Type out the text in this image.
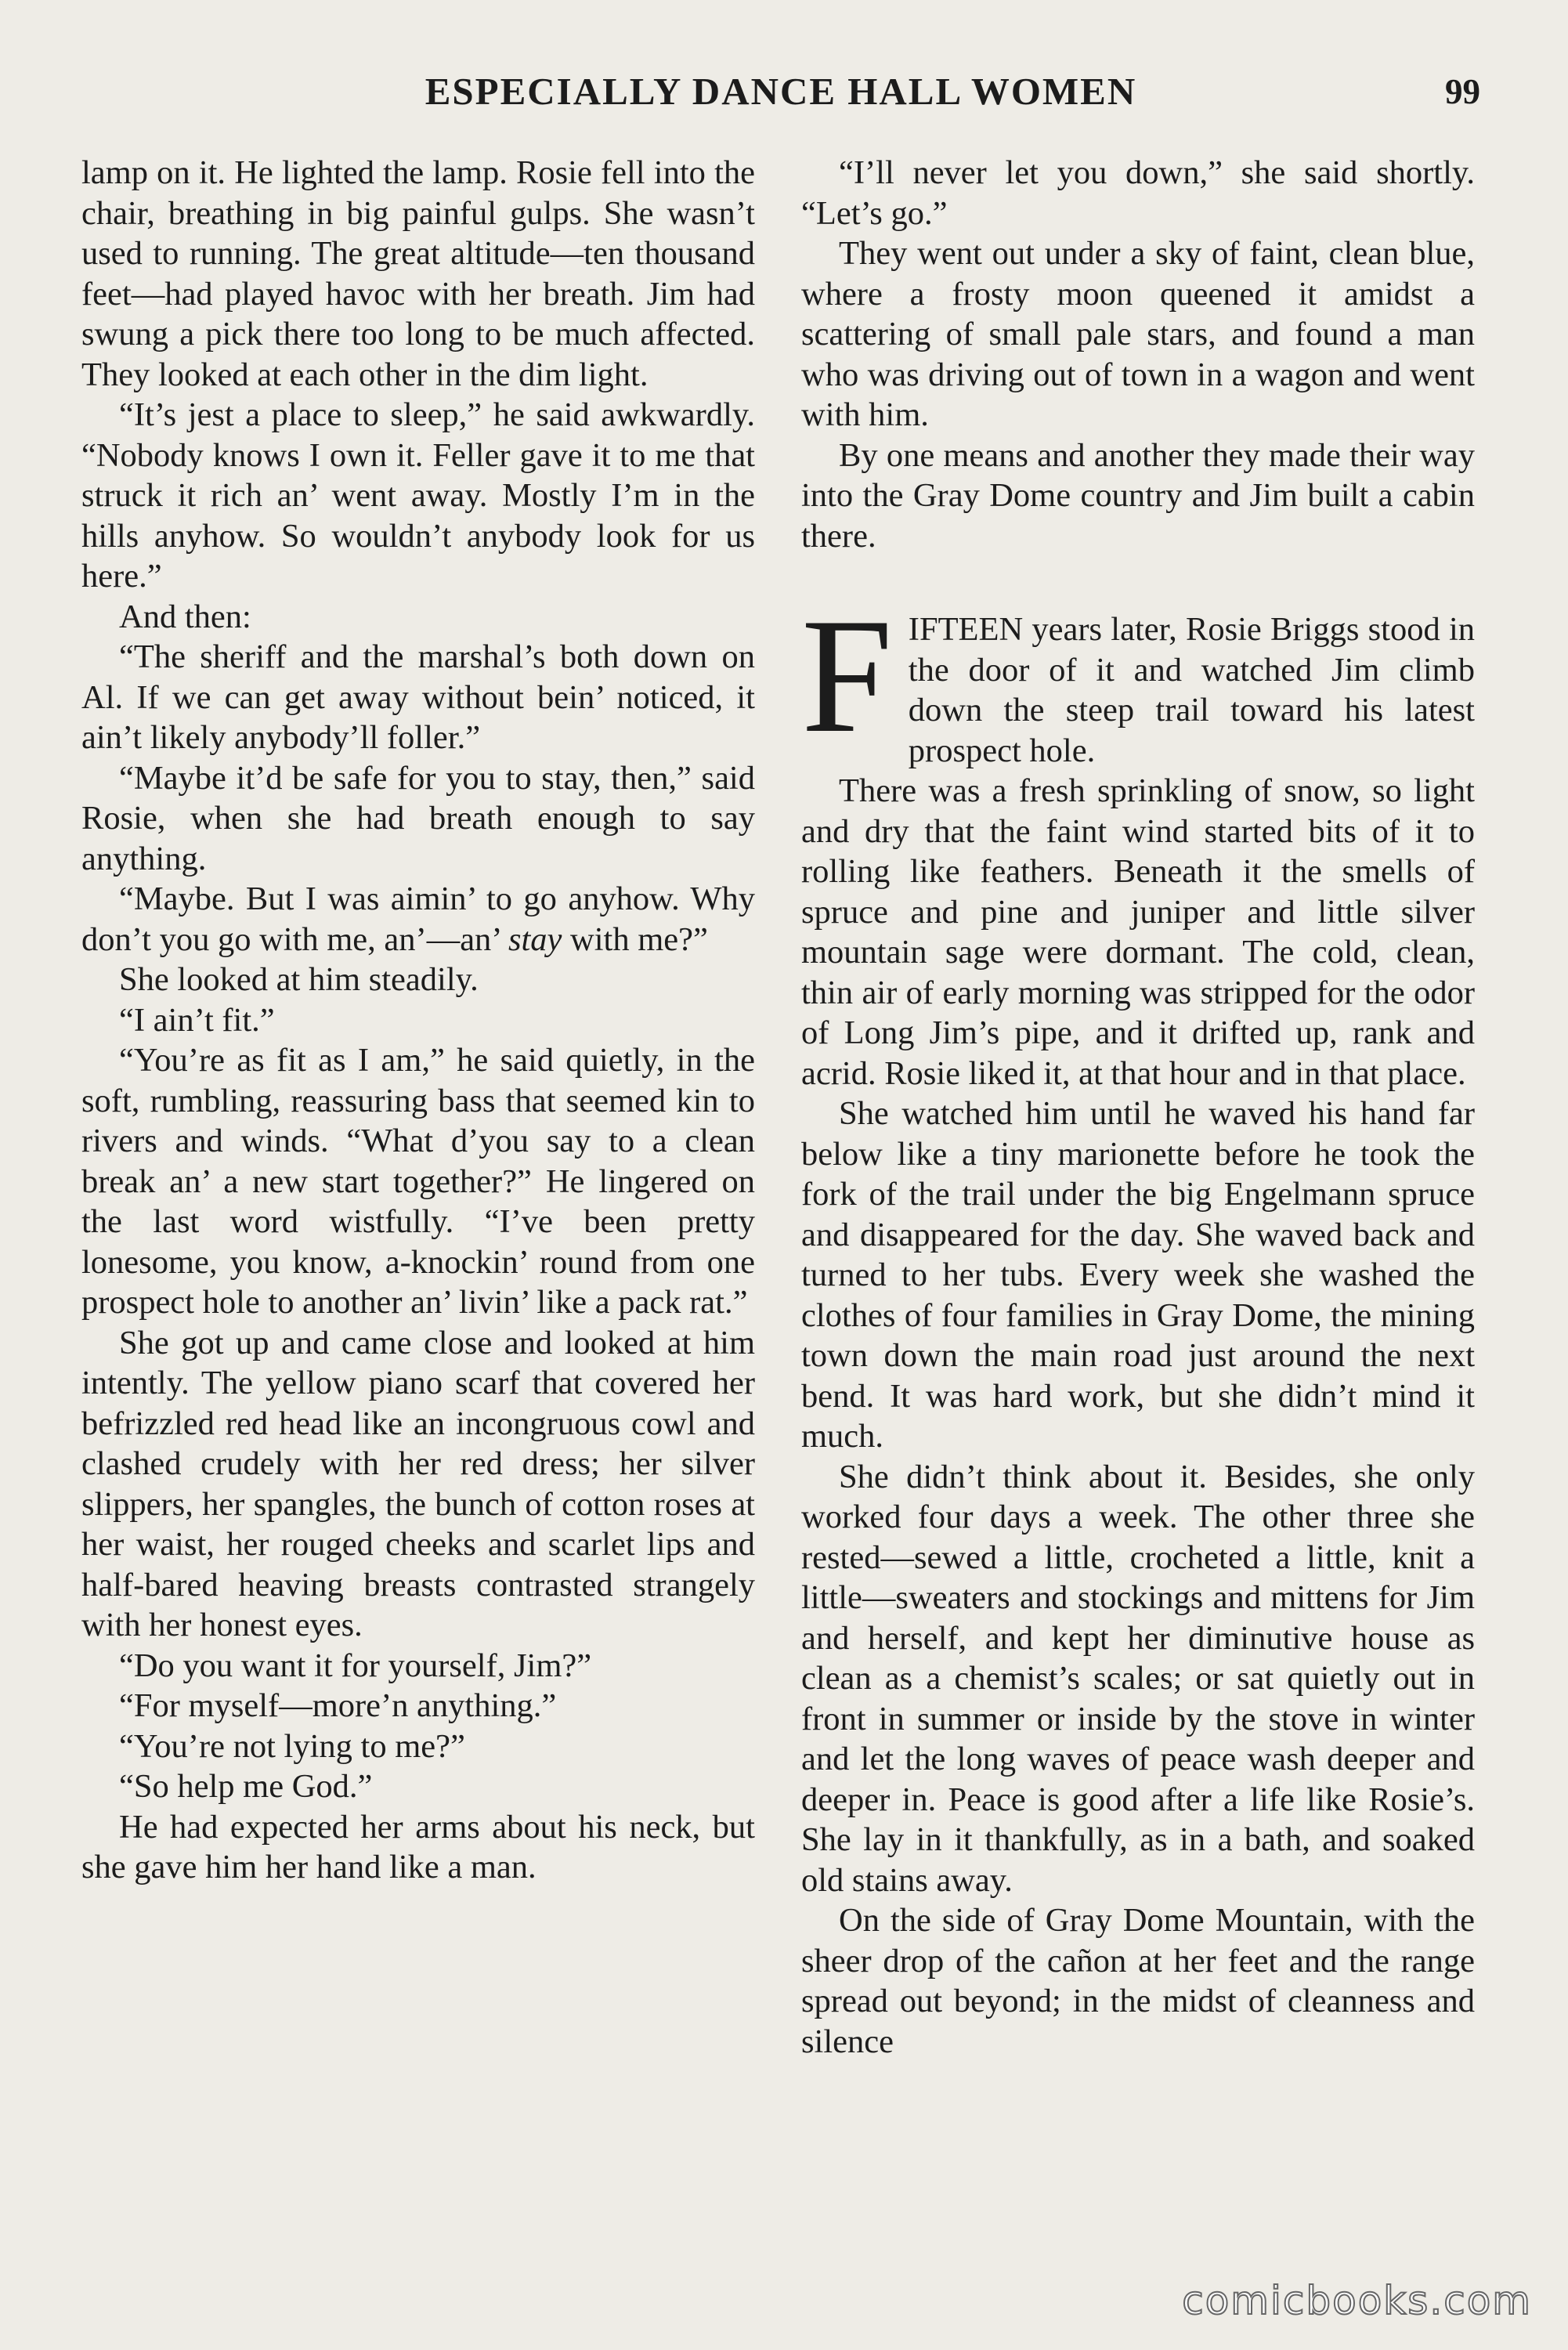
ESPECIALLY DANCE HALL WOMEN	99

lamp on it. He lighted the lamp. Rosie fell into the chair, breathing in big painful gulps. She wasn’t used to running. The great altitude—ten thousand feet—had played havoc with her breath. Jim had swung a pick there too long to be much affected. They looked at each other in the dim light.

“It’s jest a place to sleep,” he said awkwardly. “Nobody knows I own it. Feller gave it to me that struck it rich an’ went away. Mostly I’m in the hills anyhow. So wouldn’t anybody look for us here.”

And then:

“The sheriff and the marshal’s both down on Al. If we can get away without bein’ noticed, it ain’t likely anybody’ll foller.”

“Maybe it’d be safe for you to stay, then,” said Rosie, when she had breath enough to say anything.

“Maybe. But I was aimin’ to go anyhow. Why don’t you go with me, an’—an’ stay with me?”

She looked at him steadily.

“I ain’t fit.”

“You’re as fit as I am,” he said quietly, in the soft, rumbling, reassuring bass that seemed kin to rivers and winds. “What d’you say to a clean break an’ a new start together?” He lingered on the last word wistfully. “I’ve been pretty lonesome, you know, a-knockin’ round from one prospect hole to another an’ livin’ like a pack rat.”

She got up and came close and looked at him intently. The yellow piano scarf that covered her befrizzled red head like an incongruous cowl and clashed crudely with her red dress; her silver slippers, her spangles, the bunch of cotton roses at her waist, her rouged cheeks and scarlet lips and half-bared heaving breasts contrasted strangely with her honest eyes.

“Do you want it for yourself, Jim?”

“For myself—more’n anything.”

“You’re not lying to me?”

“So help me God.”

He had expected her arms about his neck, but she gave him her hand like a man.

“I’ll never let you down,” she said shortly. “Let’s go.”

They went out under a sky of faint, clean blue, where a frosty moon queened it amidst a scattering of small pale stars, and found a man who was driving out of town in a wagon and went with him.

By one means and another they made their way into the Gray Dome country and Jim built a cabin there.

FIFTEEN years later, Rosie Briggs stood in the door of it and watched Jim climb down the steep trail toward his latest prospect hole.

There was a fresh sprinkling of snow, so light and dry that the faint wind started bits of it to rolling like feathers. Beneath it the smells of spruce and pine and juniper and little silver mountain sage were dormant. The cold, clean, thin air of early morning was stripped for the odor of Long Jim’s pipe, and it drifted up, rank and acrid. Rosie liked it, at that hour and in that place.

She watched him until he waved his hand far below like a tiny marionette before he took the fork of the trail under the big Engelmann spruce and disappeared for the day. She waved back and turned to her tubs. Every week she washed the clothes of four families in Gray Dome, the mining town down the main road just around the next bend. It was hard work, but she didn’t mind it much.

She didn’t think about it. Besides, she only worked four days a week. The other three she rested—sewed a little, crocheted a little, knit a little—sweaters and stockings and mittens for Jim and herself, and kept her diminutive house as clean as a chemist’s scales; or sat quietly out in front in summer or inside by the stove in winter and let the long waves of peace wash deeper and deeper in. Peace is good after a life like Rosie’s. She lay in it thankfully, as in a bath, and soaked old stains away.

On the side of Gray Dome Mountain, with the sheer drop of the cañon at her feet and the range spread out beyond; in the midst of cleanness and silence

comicbooks.com
